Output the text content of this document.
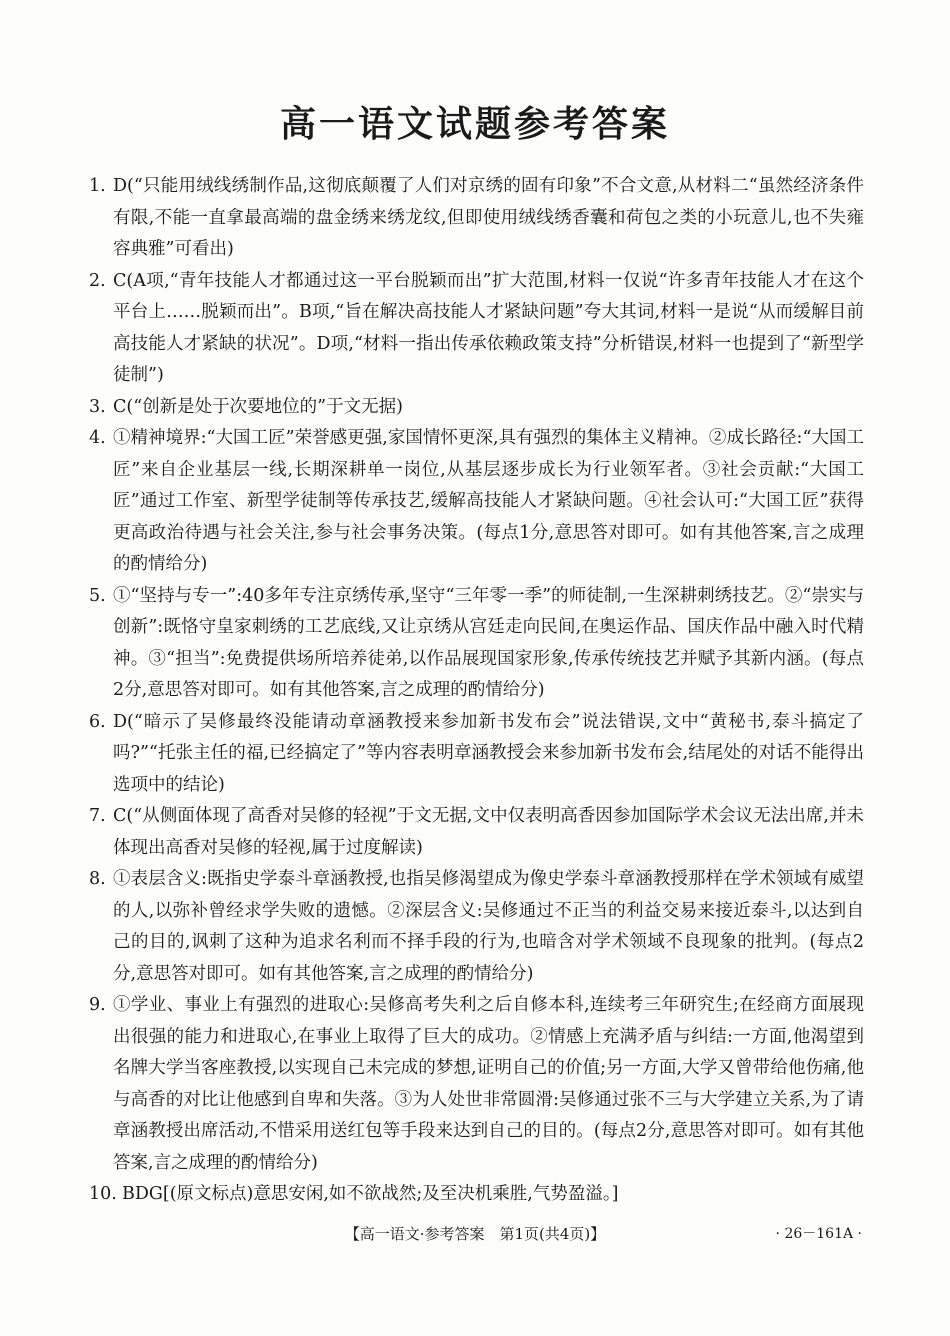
高一语文试题参考答案
1. D(“只能用绒线绣制作品,这彻底颠覆了人们对京绣的固有印象”不合文意,从材料二“虽然经济条件有限,不能一直拿最高端的盘金绣来绣龙纹,但即使用绒线绣香囊和荷包之类的小玩意儿,也不失雍容典雅”可看出)
2. C(A项,“青年技能人才都通过这一平台脱颖而出”扩大范围,材料一仅说“许多青年技能人才在这个平台上……脱颖而出”。B项,“旨在解决高技能人才紧缺问题”夸大其词,材料一是说“从而缓解目前高技能人才紧缺的状况”。D项,“材料一指出传承依赖政策支持”分析错误,材料一也提到了“新型学徒制”)
3. C(“创新是处于次要地位的”于文无据)
4. ①精神境界:“大国工匠”荣誉感更强,家国情怀更深,具有强烈的集体主义精神。②成长路径:“大国工匠”来自企业基层一线,长期深耕单一岗位,从基层逐步成长为行业领军者。③社会贡献:“大国工匠”通过工作室、新型学徒制等传承技艺,缓解高技能人才紧缺问题。④社会认可:“大国工匠”获得更高政治待遇与社会关注,参与社会事务决策。(每点1分,意思答对即可。如有其他答案,言之成理的酌情给分)
5. ①“坚持与专一”:40多年专注京绣传承,坚守“三年零一季”的师徒制,一生深耕刺绣技艺。②“崇实与创新”:既恪守皇家刺绣的工艺底线,又让京绣从宫廷走向民间,在奥运作品、国庆作品中融入时代精神。③“担当”:免费提供场所培养徒弟,以作品展现国家形象,传承传统技艺并赋予其新内涵。(每点2分,意思答对即可。如有其他答案,言之成理的酌情给分)
6. D(“暗示了吴修最终没能请动章涵教授来参加新书发布会”说法错误,文中“黄秘书,泰斗搞定了吗?”“托张主任的福,已经搞定了”等内容表明章涵教授会来参加新书发布会,结尾处的对话不能得出选项中的结论)
7. C(“从侧面体现了高香对吴修的轻视”于文无据,文中仅表明高香因参加国际学术会议无法出席,并未体现出高香对吴修的轻视,属于过度解读)
8. ①表层含义:既指史学泰斗章涵教授,也指吴修渴望成为像史学泰斗章涵教授那样在学术领域有威望的人,以弥补曾经求学失败的遗憾。②深层含义:吴修通过不正当的利益交易来接近泰斗,以达到自己的目的,讽刺了这种为追求名利而不择手段的行为,也暗含对学术领域不良现象的批判。(每点2分,意思答对即可。如有其他答案,言之成理的酌情给分)
9. ①学业、事业上有强烈的进取心:吴修高考失利之后自修本科,连续考三年研究生;在经商方面展现出很强的能力和进取心,在事业上取得了巨大的成功。②情感上充满矛盾与纠结:一方面,他渴望到名牌大学当客座教授,以实现自己未完成的梦想,证明自己的价值;另一方面,大学又曾带给他伤痛,他与高香的对比让他感到自卑和失落。③为人处世非常圆滑:吴修通过张不三与大学建立关系,为了请章涵教授出席活动,不惜采用送红包等手段来达到自己的目的。(每点2分,意思答对即可。如有其他答案,言之成理的酌情给分)
10. BDG[(原文标点)意思安闲,如不欲战然;及至决机乘胜,气势盈溢。]
【高一语文·参考答案　第1页(共4页)】	· 26－161A ·
